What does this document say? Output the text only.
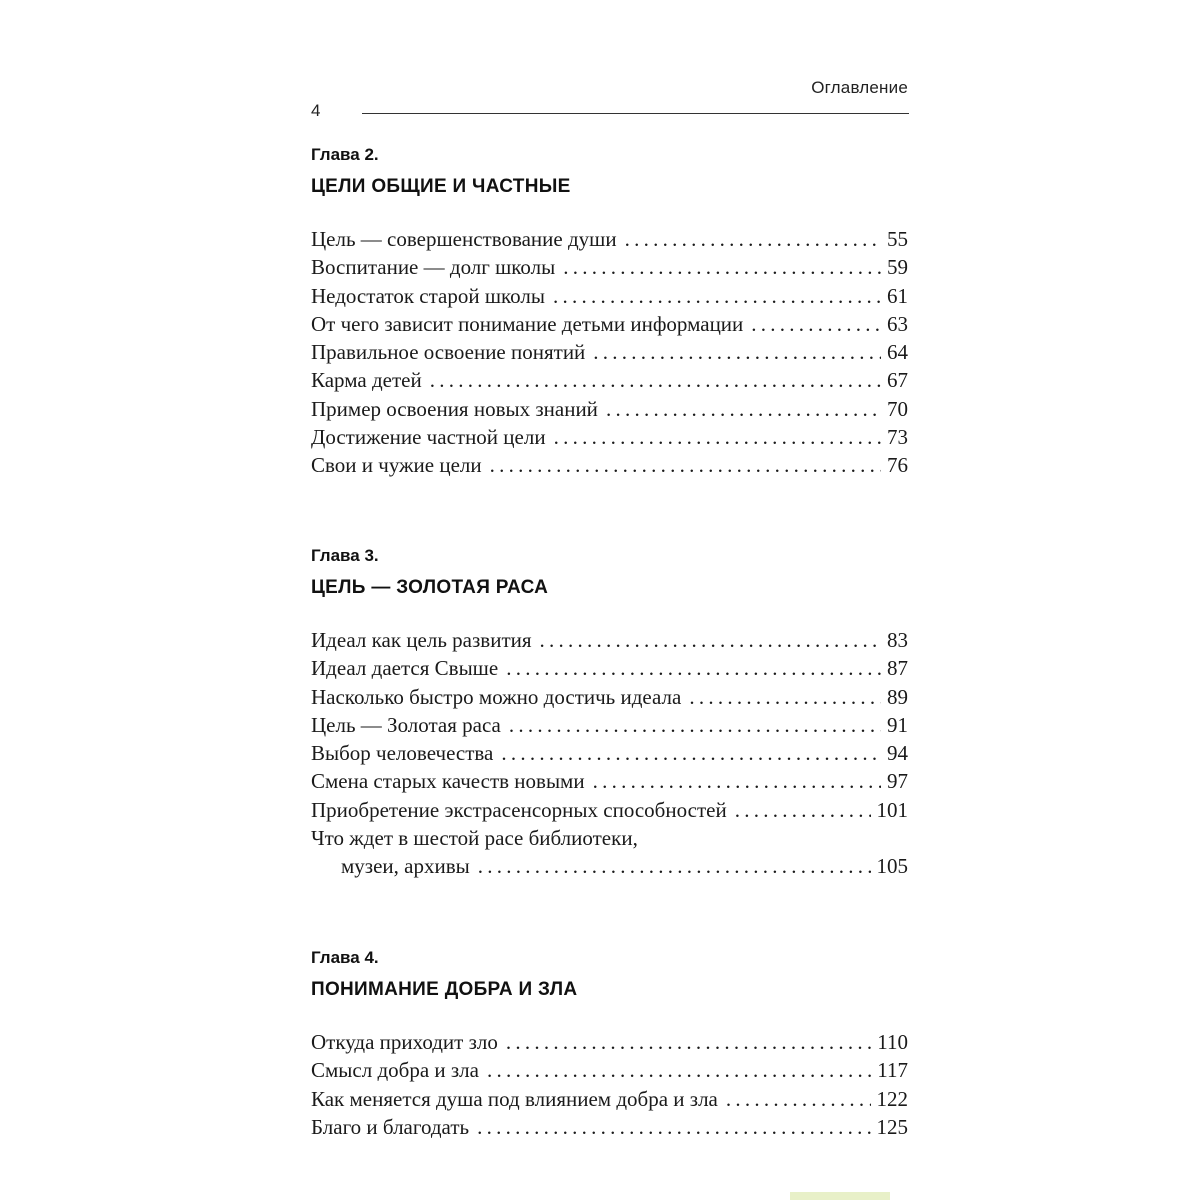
Оглавление
4
Глава 2.
ЦЕЛИ ОБЩИЕ И ЧАСТНЫЕ
Цель — совершенствование души . . .	55
Воспитание — долг школы . . .	59
Недостаток старой школы . . .	61
От чего зависит понимание детьми информации . . .	63
Правильное освоение понятий . . .	64
Карма детей . . .	67
Пример освоения новых знаний . . .	70
Достижение частной цели . . .	73
Свои и чужие цели . . .	76
Глава 3.
ЦЕЛЬ — ЗОЛОТАЯ РАСА
Идеал как цель развития . . .	83
Идеал дается Свыше . . .	87
Насколько быстро можно достичь идеала . . .	89
Цель — Золотая раса . . .	91
Выбор человечества . . .	94
Смена старых качеств новыми . . .	97
Приобретение экстрасенсорных способностей . . .	101
Что ждет в шестой расе библиотеки,
музеи, архивы . . .	105
Глава 4.
ПОНИМАНИЕ ДОБРА И ЗЛА
Откуда приходит зло . . .	110
Смысл добра и зла . . .	117
Как меняется душа под влиянием добра и зла . . .	122
Благо и благодать . . .	125
